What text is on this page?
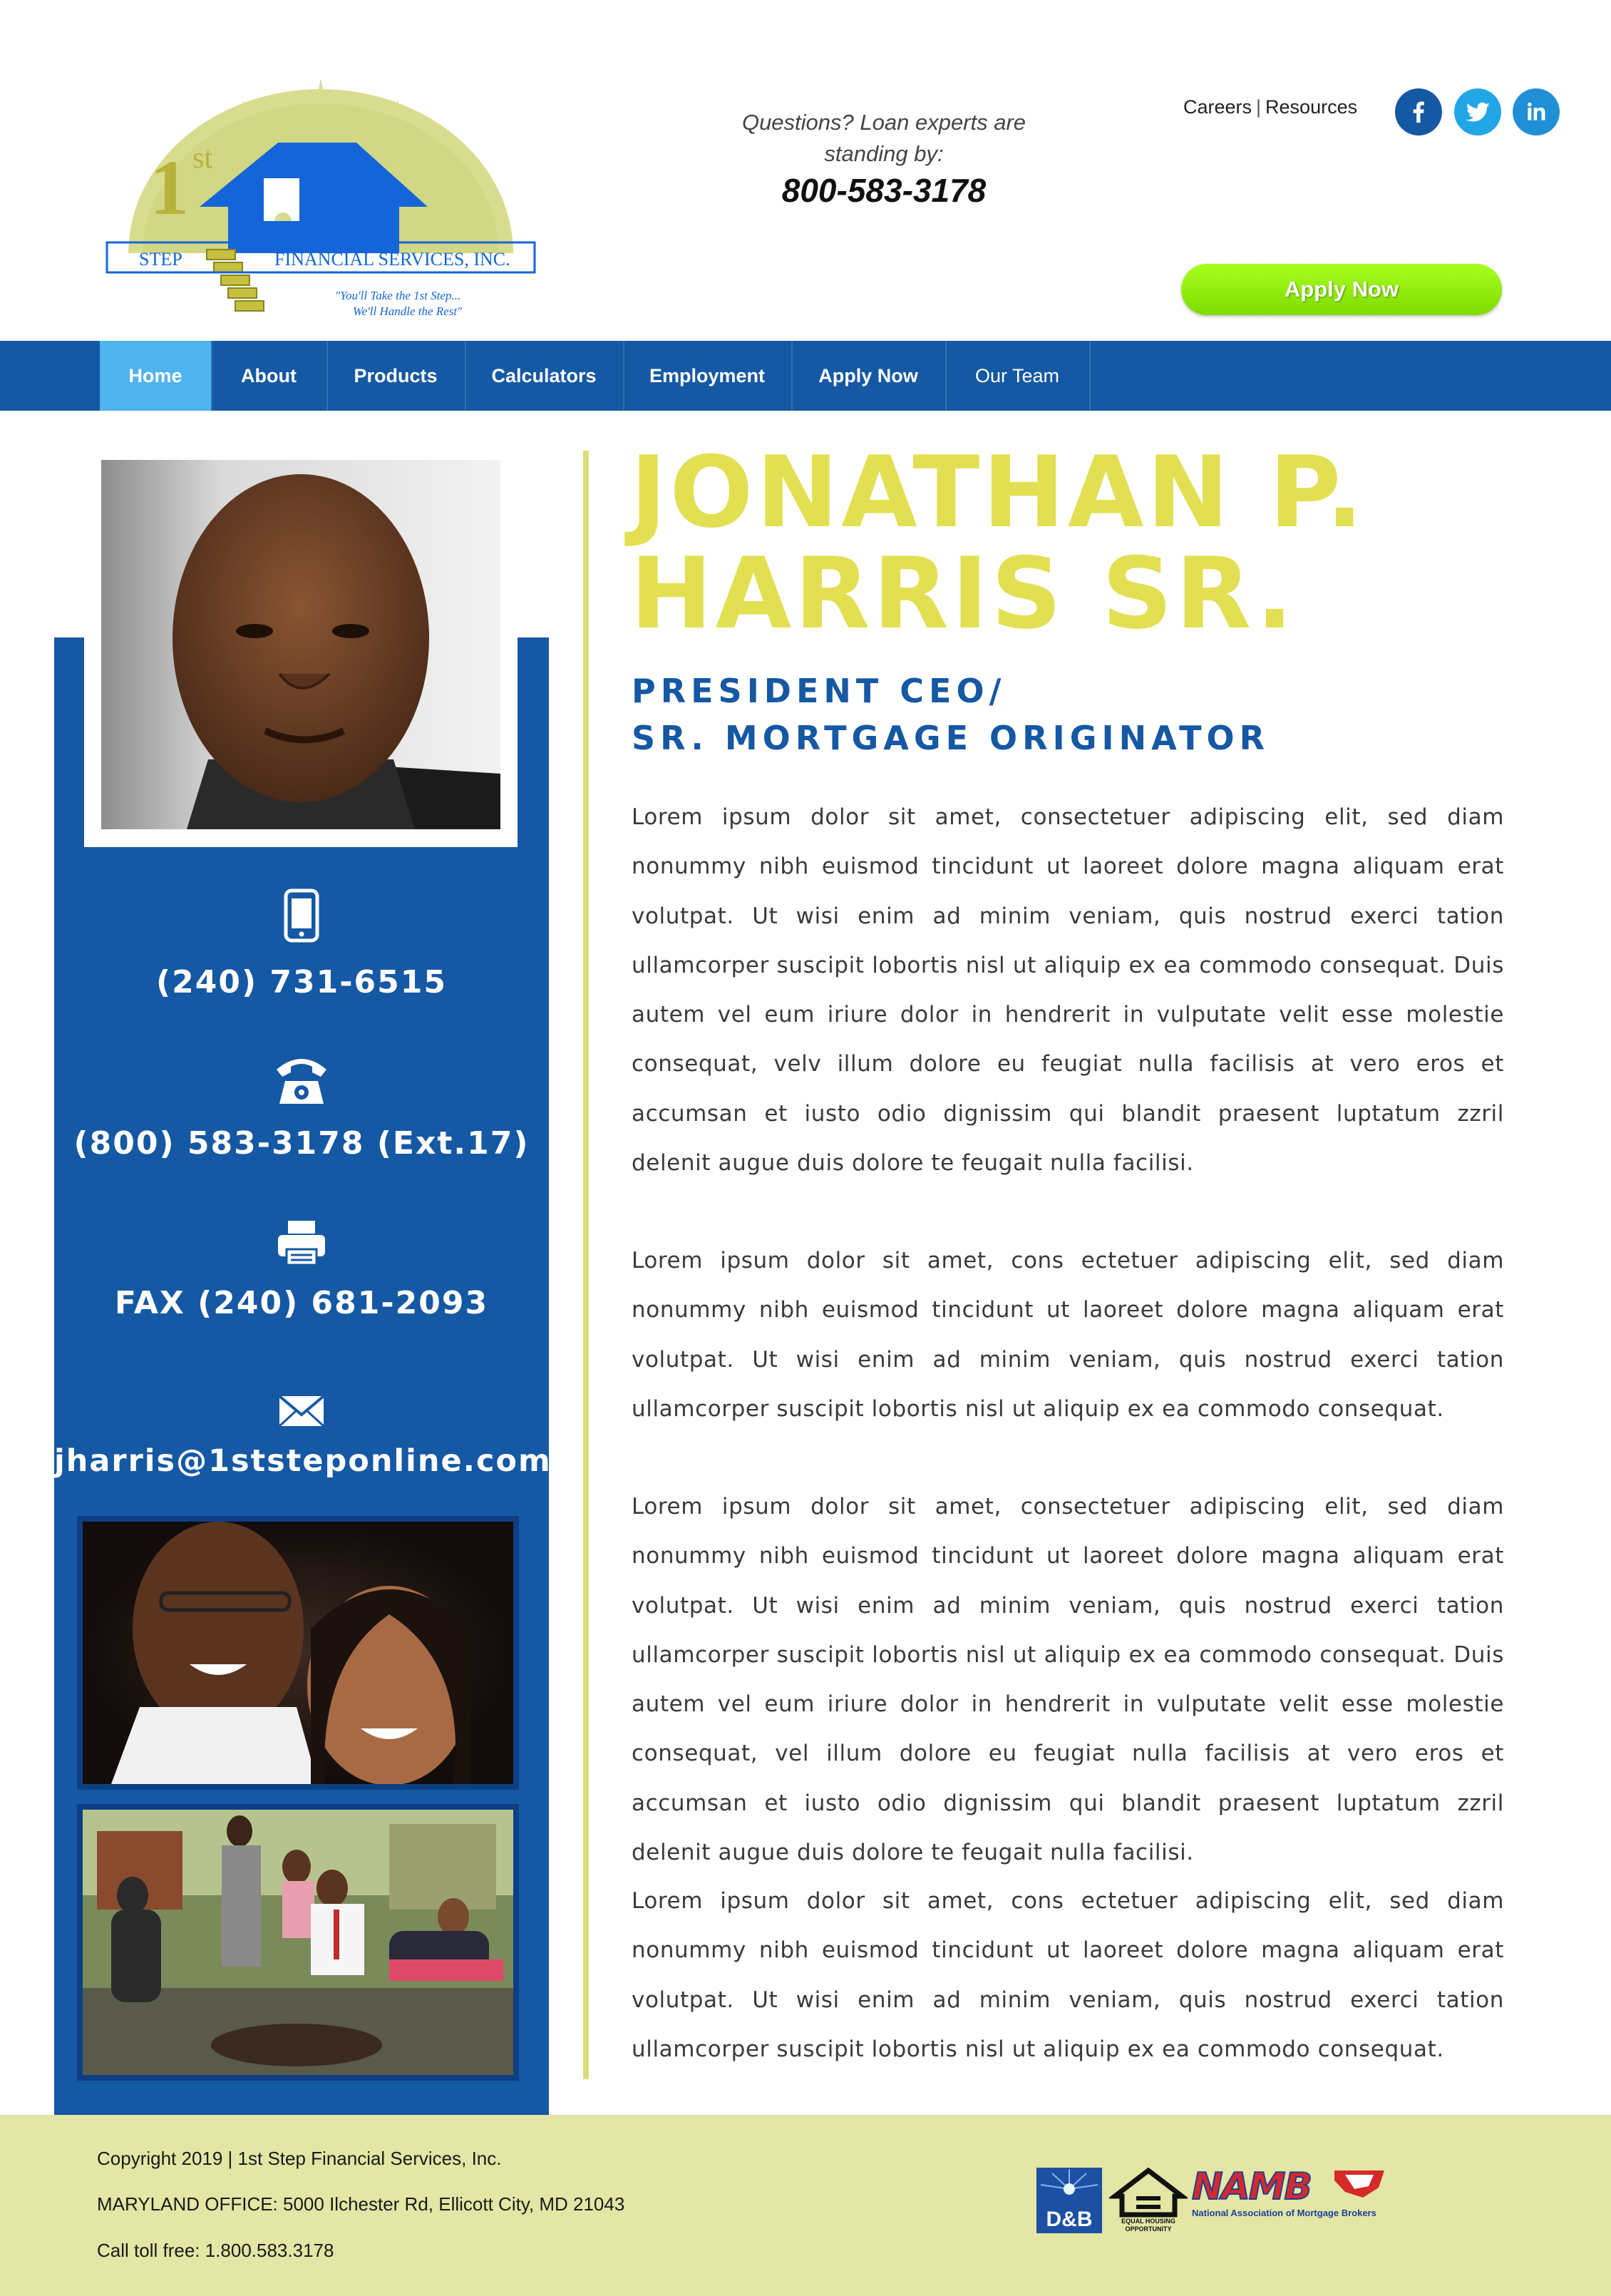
1 st
STEP	FINANCIAL SERVICES, INC.
"You'll Take the 1st Step...
We'll Handle the Rest"
Questions? Loan experts are standing by:
800-583-3178
Careers | Resources
Apply Now
Home	About	Products	Calculators	Employment	Apply Now	Our Team
(240) 731-6515
(800) 583-3178 (Ext.17)
FAX (240) 681-2093
jharris@1ststeponline.com
JONATHAN P.
HARRIS SR.
PRESIDENT CEO/
SR. MORTGAGE ORIGINATOR
Lorem ipsum dolor sit amet, consectetuer adipiscing elit, sed diam nonummy nibh euismod tincidunt ut laoreet dolore magna aliquam erat volutpat. Ut wisi enim ad minim veniam, quis nostrud exerci tation ullamcorper suscipit lobortis nisl ut aliquip ex ea commodo consequat. Duis autem vel eum iriure dolor in hendrerit in vulputate velit esse molestie consequat, velv illum dolore eu feugiat nulla facilisis at vero eros et accumsan et iusto odio dignissim qui blandit praesent luptatum zzril delenit augue duis dolore te feugait nulla facilisi.
Lorem ipsum dolor sit amet, cons ectetuer adipiscing elit, sed diam nonummy nibh euismod tincidunt ut laoreet dolore magna aliquam erat volutpat. Ut wisi enim ad minim veniam, quis nostrud exerci tation ullamcorper suscipit lobortis nisl ut aliquip ex ea commodo consequat.
Lorem ipsum dolor sit amet, consectetuer adipiscing elit, sed diam nonummy nibh euismod tincidunt ut laoreet dolore magna aliquam erat volutpat. Ut wisi enim ad minim veniam, quis nostrud exerci tation ullamcorper suscipit lobortis nisl ut aliquip ex ea commodo consequat. Duis autem vel eum iriure dolor in hendrerit in vulputate velit esse molestie consequat, vel illum dolore eu feugiat nulla facilisis at vero eros et accumsan et iusto odio dignissim qui blandit praesent luptatum zzril delenit augue duis dolore te feugait nulla facilisi.
Lorem ipsum dolor sit amet, cons ectetuer adipiscing elit, sed diam nonummy nibh euismod tincidunt ut laoreet dolore magna aliquam erat volutpat. Ut wisi enim ad minim veniam, quis nostrud exerci tation ullamcorper suscipit lobortis nisl ut aliquip ex ea commodo consequat.
Copyright 2019 | 1st Step Financial Services, Inc.
MARYLAND OFFICE: 5000 Ilchester Rd, Ellicott City, MD 21043
Call toll free: 1.800.583.3178
D&B	EQUAL HOUSING
OPPORTUNITY
NAMB
National Association of Mortgage Brokers
